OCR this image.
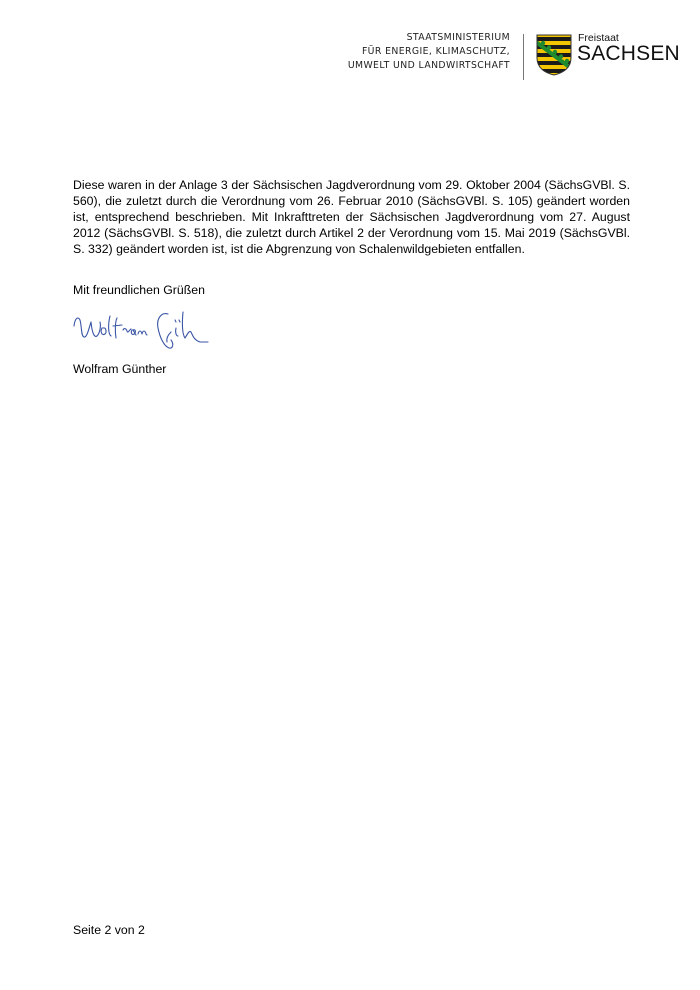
STAATSMINISTERIUM
FÜR ENERGIE, KLIMASCHUTZ,
UMWELT UND LANDWIRTSCHAFT
Freistaat
SACHSEN

Diese waren in der Anlage 3 der Sächsischen Jagdverordnung vom 29. Oktober 2004 (SächsGVBl. S. 560), die zuletzt durch die Verordnung vom 26. Februar 2010 (SächsGVBl. S. 105) geändert worden ist, entsprechend beschrieben. Mit Inkrafttreten der Sächsischen Jagdverordnung vom 27. August 2012 (SächsGVBl. S. 518), die zuletzt durch Artikel 2 der Verordnung vom 15. Mai 2019 (SächsGVBl. S. 332) geändert worden ist, ist die Abgrenzung von Schalenwildgebieten entfallen.

Mit freundlichen Grüßen
Wolfram Günther
Seite 2 von 2
